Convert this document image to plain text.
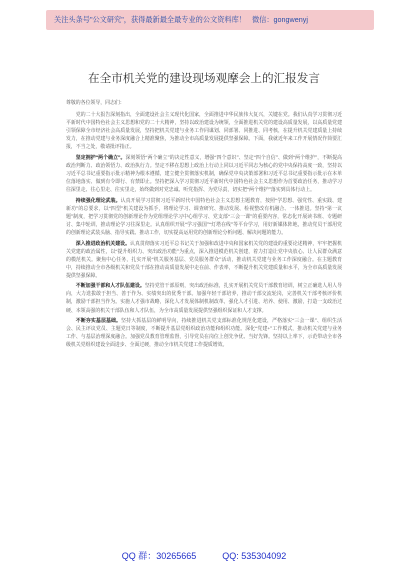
关注头条号"公文研究"，获得最新最全最专业的公文资料库！ 微信：gongwenyj
在全市机关党的建设现场观摩会上的汇报发言

尊敬的各位领导，同志们：

党的二十大报告深刻指出，全面建设社会主义现代化国家，全面推进中华民族伟大复兴，关键在党。我们认真学习贯彻习近平新时代中国特色社会主义思想和党的二十大精神，坚持以政治建设为统领，全面推进机关党的建设高质量发展，以高质量党建引领保障全市经济社会高质量发展，坚持把机关党建与业务工作同谋划、同部署、同推进、同考核，在提升机关党建质量上持续发力，在推动党建与业务深度融合上精准聚焦，为推动全市高质量发展提供坚强保障。下面，我就近年来工作开展情况作简要汇报，不当之处，敬请批评指正。

坚定拥护“两个确立”。深刻领悟“两个确立”的决定性意义，增强“四个意识”、坚定“四个自信”、做到“两个维护”，不断提高政治判断力、政治领悟力、政治执行力。坚定不移在思想上政治上行动上同以习近平同志为核心的党中央保持高度一致，坚持以习近平总书记重要指示批示精神为根本遵循，建立健全贯彻落实机制，确保党中央决策部署和习近平总书记重要指示批示在本单位落地落实、做到有令即行、有禁即止。坚持把深入学习贯彻习近平新时代中国特色社会主义思想作为首要政治任务，推动学习往深里走、往心里走、往实里走，始终做到对党忠诚、听党指挥、为党尽责，切实把“两个维护”落实到具体行动上。

持续强化理论武装。认真开展学习贯彻习近平新时代中国特色社会主义思想主题教育，按照“学思想、强党性、重实践、建新功”的总要求，以“四型”机关建设为抓手，将理论学习、调查研究、推动发展、检视整改有机融合、一体推进。坚持“第一议题”制度，把学习贯彻党的创新理论作为党组理论学习中心组学习、党支部“三会一课”的重要内容，常态化开展读书班、专题研讨、集中轮训，推动理论学习往深里走。认真组织开展“学习强国”“灯塔在线”等平台学习，用好新媒体阵地，推动党员干部用党的创新理论武装头脑、指导实践、推动工作，切实提高运用党的创新理论分析问题、解决问题的能力。

深入推进政治机关建设。认真贯彻落实习近平总书记关于加强和改进中央和国家机关党的建设的重要论述精神，牢牢把握机关党建的政治属性，以“提升组织力、突出政治功能”为重点，深入推进模范机关创建，着力打造让党中央放心、让人民群众满意的模范机关。聚焦中心任务，扎实开展“机关服务基层、党员服务群众”活动，推动机关党建与业务工作深度融合。在主题教育中，持续推动全市各级机关和党员干部在推动高质量发展中走在前、作表率，不断提升机关党建质量和水平，为全市高质量发展提供坚强保障。

不断加强干部和人才队伍建设。坚持党管干部原则，突出政治标准，扎实开展机关党员干部教育培训，树立正确选人用人导向，大力选拔敢于担当、善于作为、实绩突出的优秀干部。加强年轻干部培养，推动干部交流轮岗，完善机关干部考核评价机制，激励干部担当作为。实施人才强市战略，深化人才发展体制机制改革，强化人才引进、培养、使用、激励，打造一支政治过硬、本领高强的机关干部队伍和人才队伍，为全市高质量发展提供坚强组织保证和人才支撑。

不断夯实基层基础。坚持大抓基层的鲜明导向，持续推进机关党支部标准化规范化建设，严格落实“三会一课”、组织生活会、民主评议党员、主题党日等制度，不断提升基层党组织政治功能和组织功能。深化“党建+”工作模式，推动机关党建与业务工作、与基层治理深度融合。加强党员教育管理监督，引导党员在岗位上创先争优、当好先锋。坚持以上率下，示范带动全市各级机关党组织建设全面进步、全面过硬，推动全市机关党建工作提质增效。

QQ 群：30265665	QQ: 535304092
